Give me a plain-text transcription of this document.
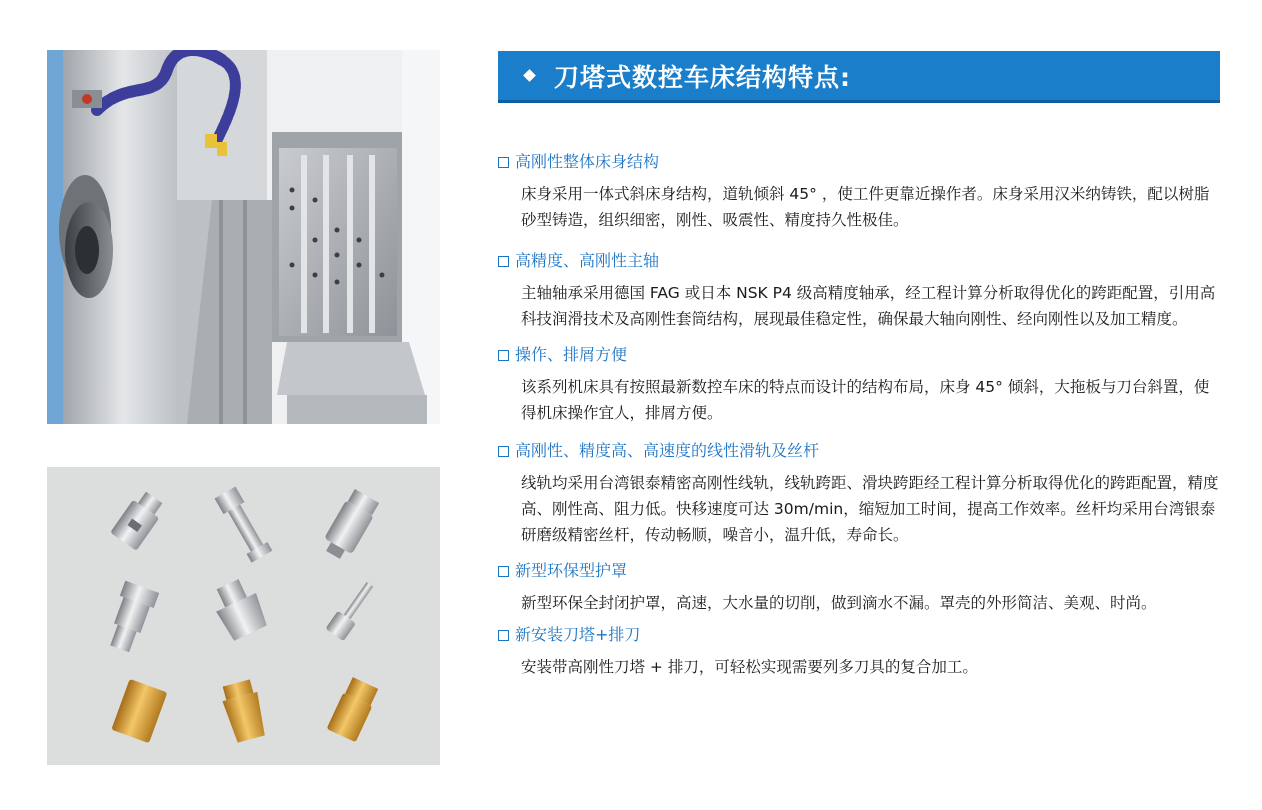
刀塔式数控车床结构特点:
高刚性整体床身结构
床身采用一体式斜床身结构，道轨倾斜 45° ，使工件更靠近操作者。床身采用汉米纳铸铁，配以树脂砂型铸造，组织细密，刚性、吸震性、精度持久性极佳。
高精度、高刚性主轴
主轴轴承采用德国 FAG 或日本 NSK P4 级高精度轴承，经工程计算分析取得优化的跨距配置，引用高科技润滑技术及高刚性套筒结构，展现最佳稳定性，确保最大轴向刚性、经向刚性以及加工精度。
操作、排屑方便
该系列机床具有按照最新数控车床的特点而设计的结构布局，床身 45° 倾斜，大拖板与刀台斜置，使得机床操作宜人，排屑方便。
高刚性、精度高、高速度的线性滑轨及丝杆
线轨均采用台湾银泰精密高刚性线轨，线轨跨距、滑块跨距经工程计算分析取得优化的跨距配置，精度高、刚性高、阻力低。快移速度可达 30m/min，缩短加工时间，提高工作效率。丝杆均采用台湾银泰研磨级精密丝杆，传动畅顺，噪音小，温升低，寿命长。
新型环保型护罩
新型环保全封闭护罩，高速，大水量的切削，做到滴水不漏。罩壳的外形简洁、美观、时尚。
新安装刀塔+排刀
安装带高刚性刀塔 + 排刀，可轻松实现需要列多刀具的复合加工。
